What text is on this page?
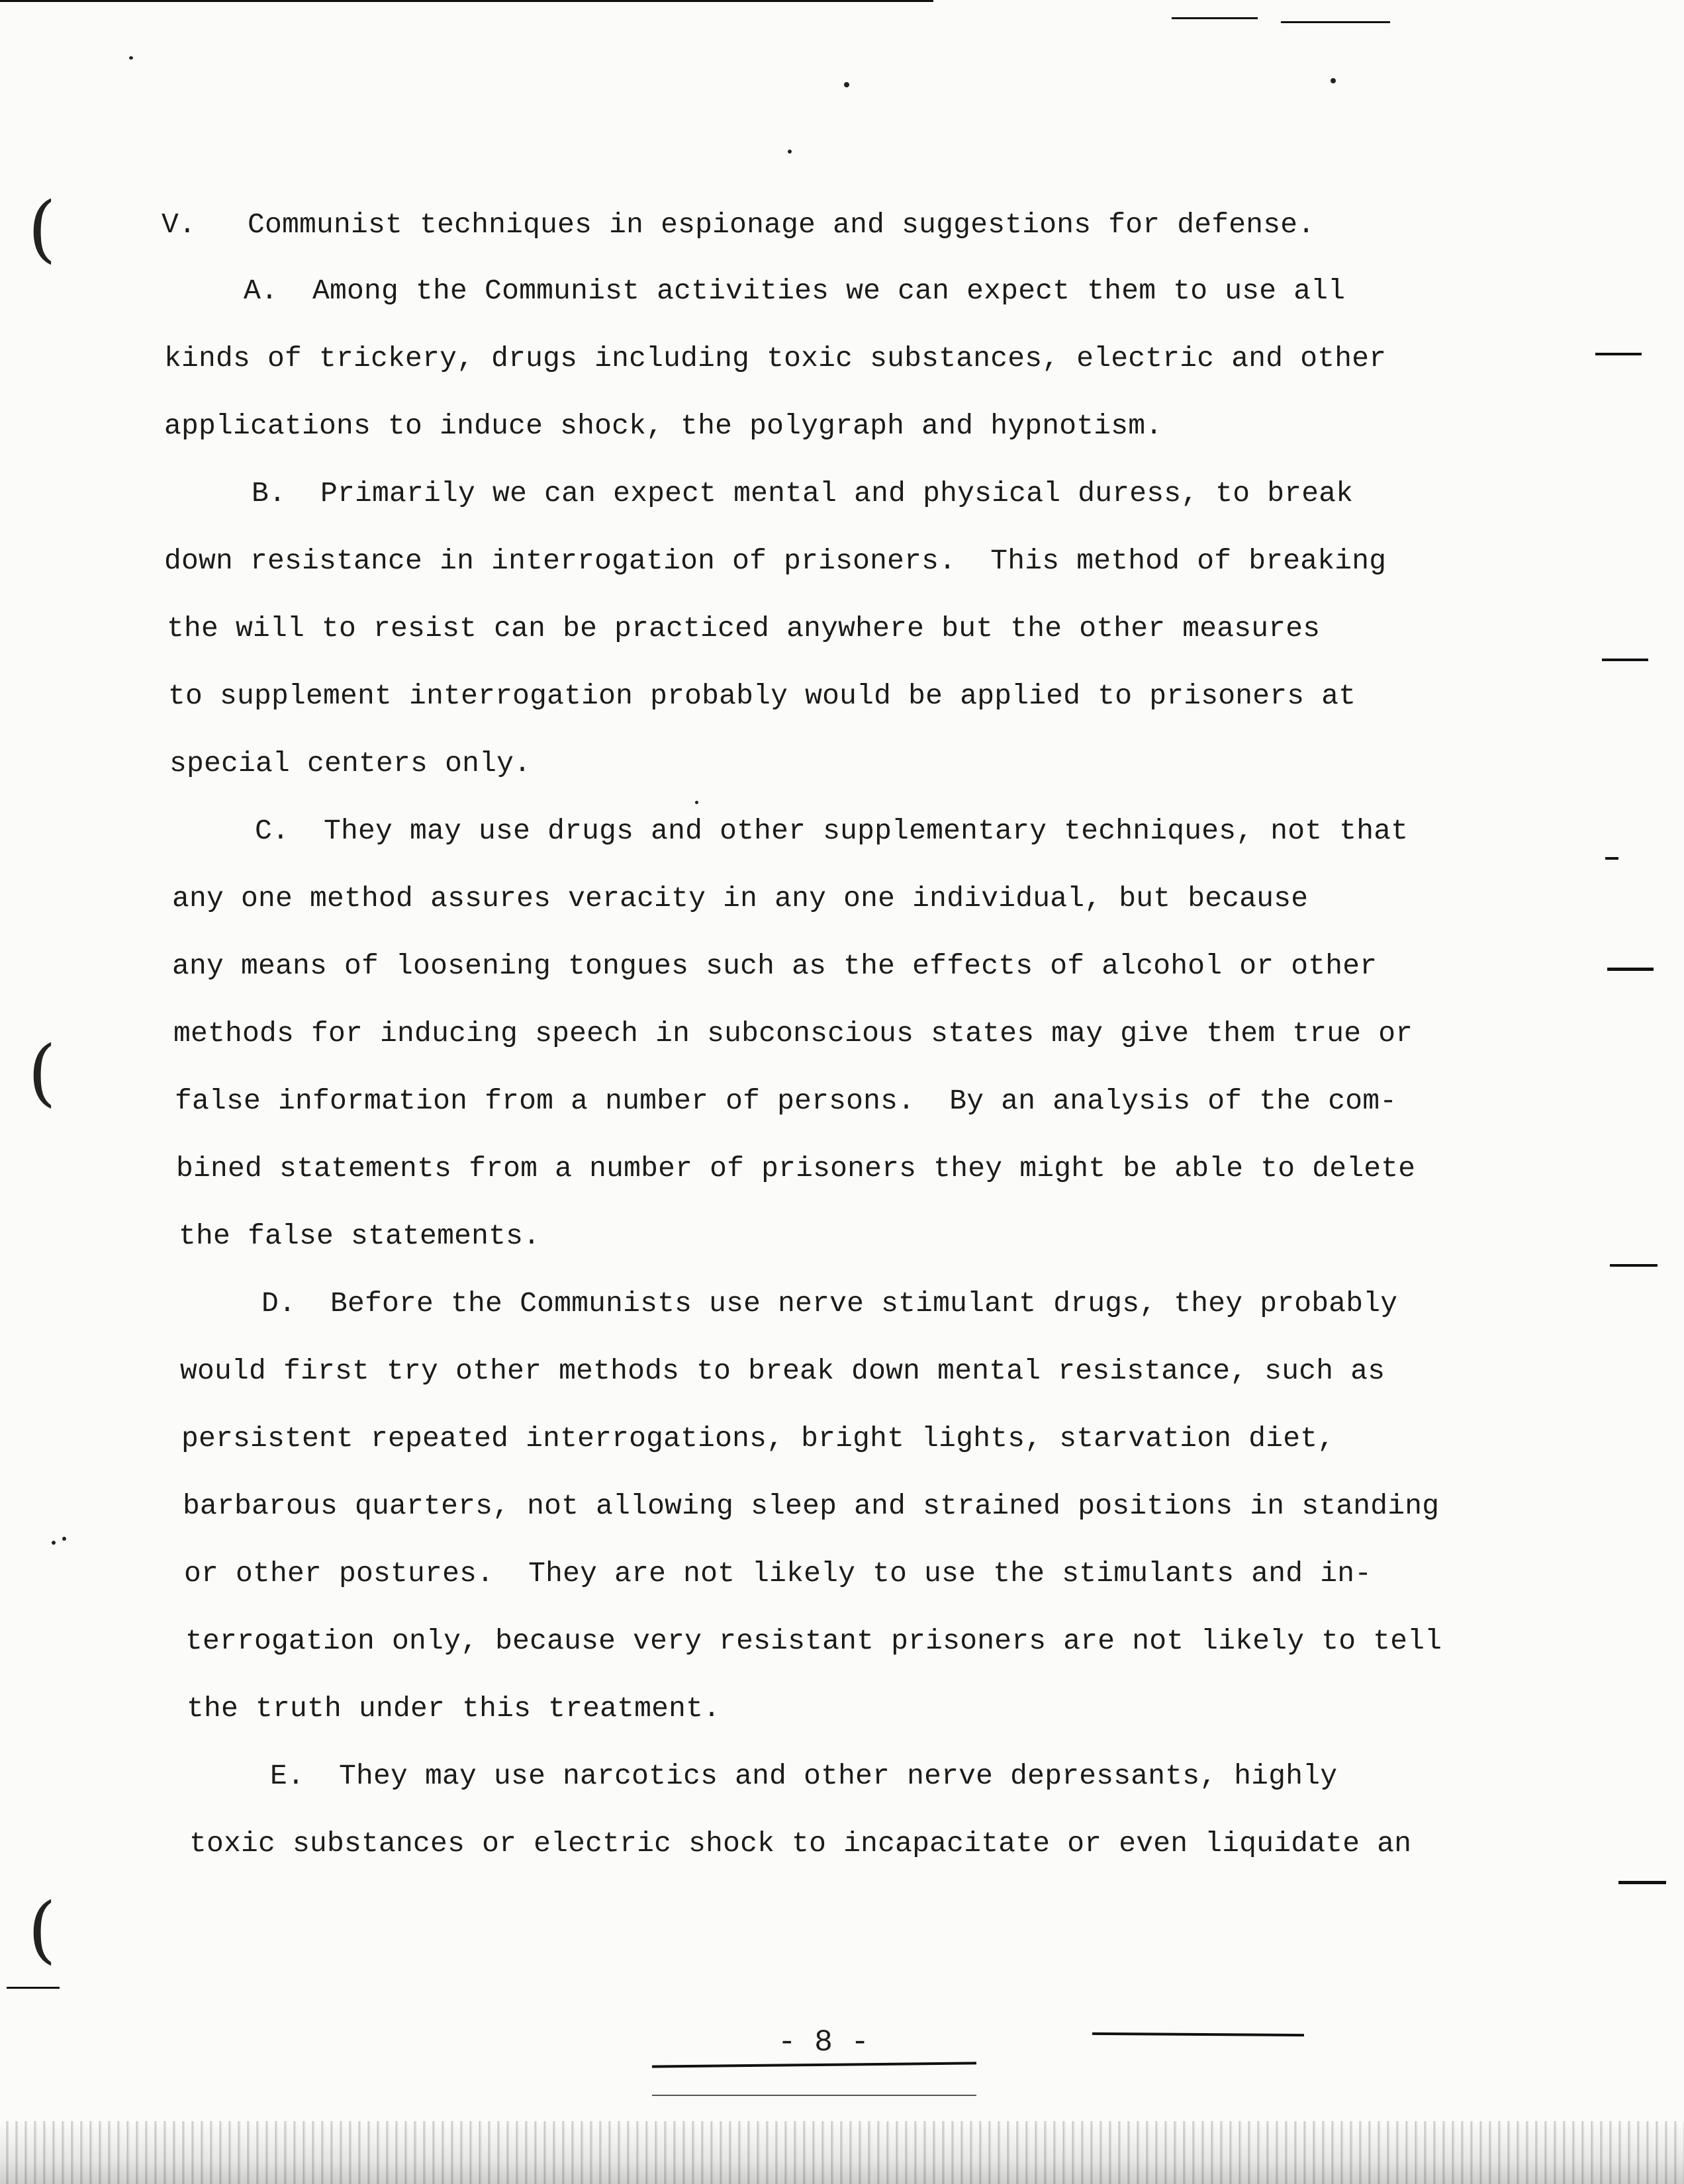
(
(
(
V.   Communist techniques in espionage and suggestions for defense.
A.  Among the Communist activities we can expect them to use all
kinds of trickery, drugs including toxic substances, electric and other
applications to induce shock, the polygraph and hypnotism.
B.  Primarily we can expect mental and physical duress, to break
down resistance in interrogation of prisoners.  This method of breaking
the will to resist can be practiced anywhere but the other measures
to supplement interrogation probably would be applied to prisoners at
special centers only.
C.  They may use drugs and other supplementary techniques, not that
any one method assures veracity in any one individual, but because
any means of loosening tongues such as the effects of alcohol or other
methods for inducing speech in subconscious states may give them true or
false information from a number of persons.  By an analysis of the com-
bined statements from a number of prisoners they might be able to delete
the false statements.
D.  Before the Communists use nerve stimulant drugs, they probably
would first try other methods to break down mental resistance, such as
persistent repeated interrogations, bright lights, starvation diet,
barbarous quarters, not allowing sleep and strained positions in standing
or other postures.  They are not likely to use the stimulants and in-
terrogation only, because very resistant prisoners are not likely to tell
the truth under this treatment.
E.  They may use narcotics and other nerve depressants, highly
toxic substances or electric shock to incapacitate or even liquidate an
- 8 -
